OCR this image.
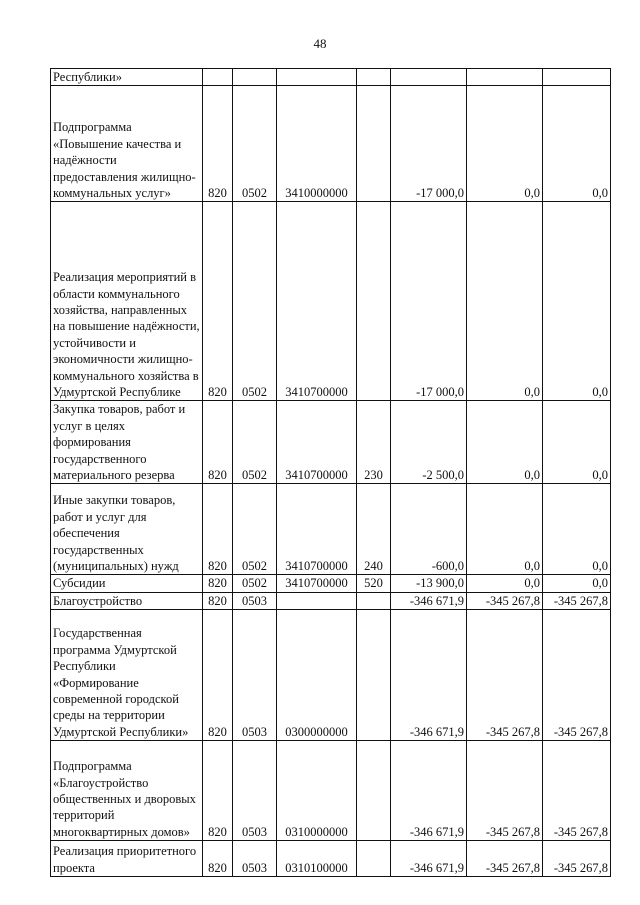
48
Республики»							
Подпрограмма «Повышение качества и надёжности предоставления жилищно-коммунальных услуг»	820	0502	3410000000		-17 000,0	0,0	0,0
Реализация мероприятий в области коммунального хозяйства, направленных на повышение надёжности, устойчивости и экономичности жилищно-коммунального хозяйства в Удмуртской Республике	820	0502	3410700000		-17 000,0	0,0	0,0
Закупка товаров, работ и услуг в целях формирования государственного материального резерва	820	0502	3410700000	230	-2 500,0	0,0	0,0
Иные закупки товаров, работ и услуг для обеспечения государственных (муниципальных) нужд	820	0502	3410700000	240	-600,0	0,0	0,0
Субсидии	820	0502	3410700000	520	-13 900,0	0,0	0,0
Благоустройство	820	0503			-346 671,9	-345 267,8	-345 267,8
Государственная программа Удмуртской Республики «Формирование современной городской среды на территории Удмуртской Республики»	820	0503	0300000000		-346 671,9	-345 267,8	-345 267,8
Подпрограмма «Благоустройство общественных и дворовых территорий многоквартирных домов»	820	0503	0310000000		-346 671,9	-345 267,8	-345 267,8
Реализация приоритетного проекта	820	0503	0310100000		-346 671,9	-345 267,8	-345 267,8
